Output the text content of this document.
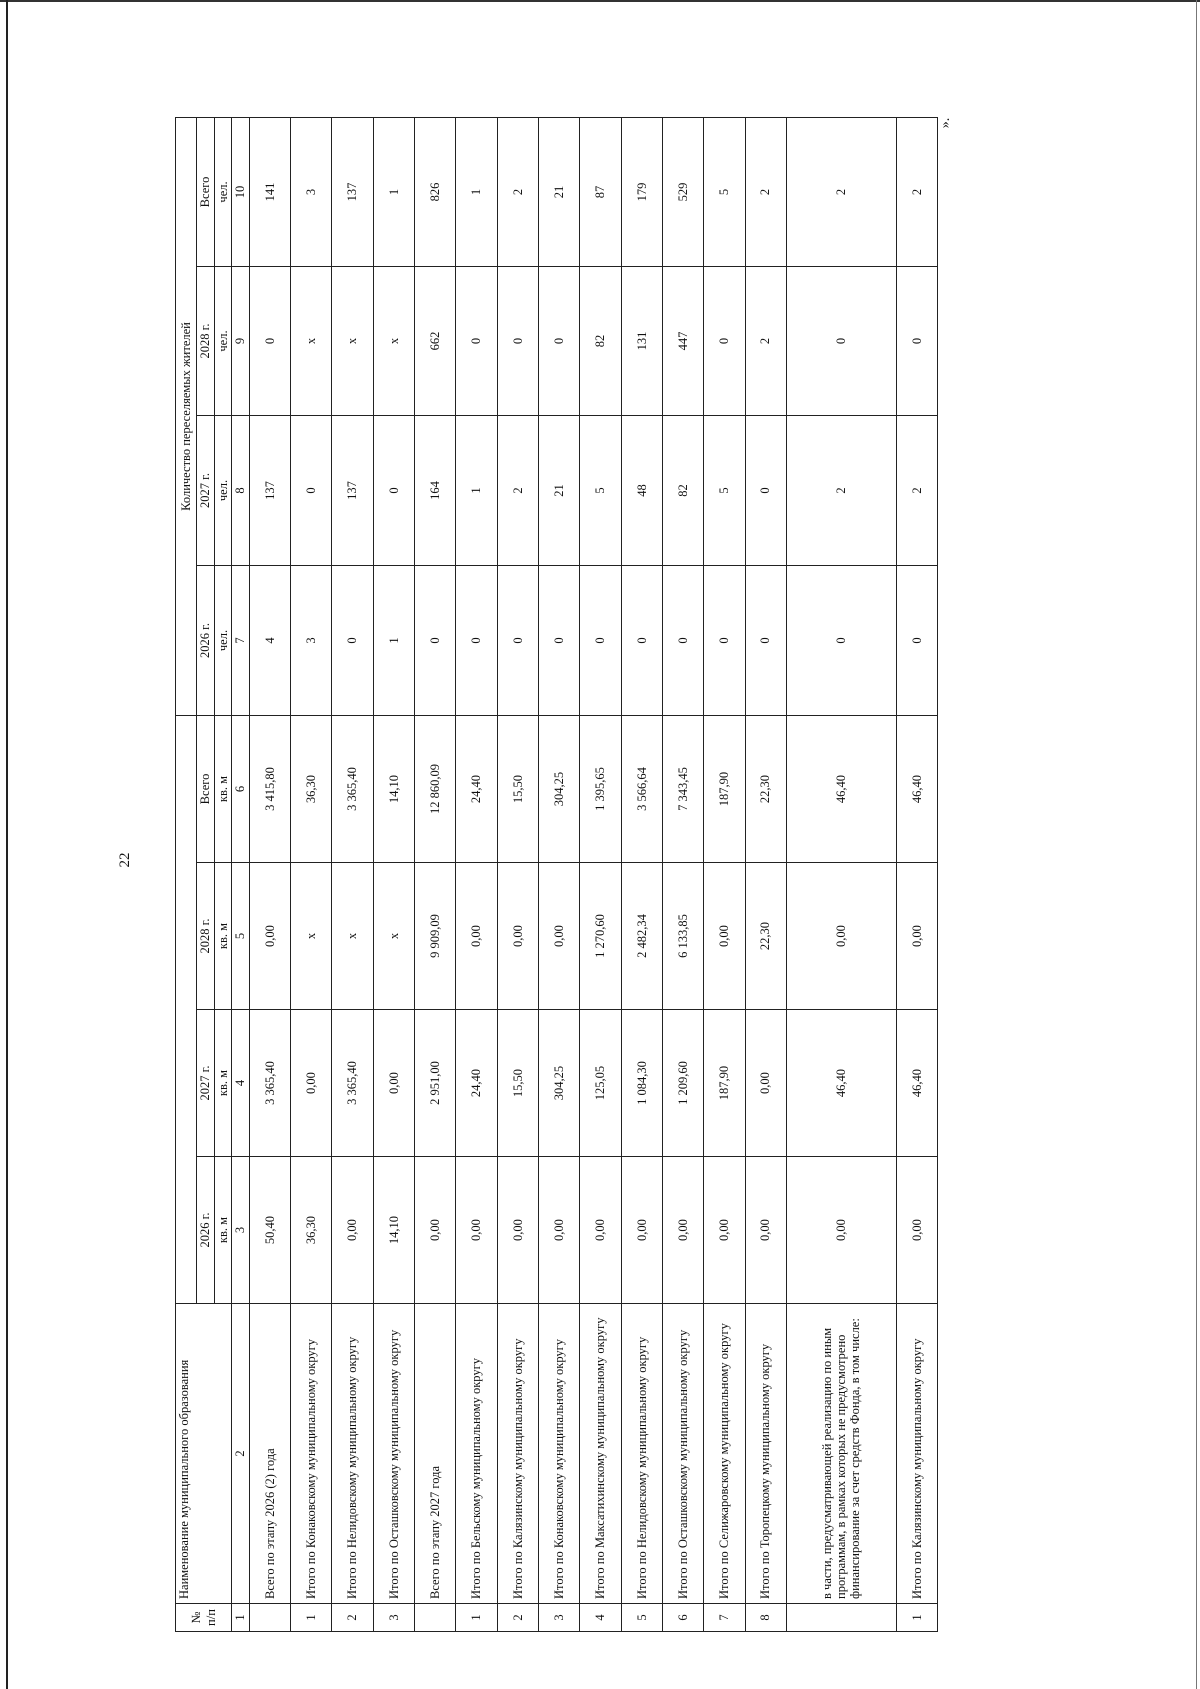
22
».
№ п/п	Наименование муниципального образования					Количество переселяемых жителей			
		2026 г.	2027 г.	2028 г.	Всего	2026 г.	2027 г.	2028 г.	Всего
		кв. м	кв. м	кв. м	кв. м	чел.	чел.	чел.	чел.
1	2	3	4	5	6	7	8	9	10
	Всего по этапу 2026 (2) года	50,40	3 365,40	0,00	3 415,80	4	137	0	141
1	Итого по Конаковскому муниципальному округу	36,30	0,00	x	36,30	3	0	x	3
2	Итого по Нелидовскому муниципальному округу	0,00	3 365,40	x	3 365,40	0	137	x	137
3	Итого по Осташковскому муниципальному округу	14,10	0,00	x	14,10	1	0	x	1
	Всего по этапу 2027 года	0,00	2 951,00	9 909,09	12 860,09	0	164	662	826
1	Итого по Бельскому муниципальному округу	0,00	24,40	0,00	24,40	0	1	0	1
2	Итого по Калязинскому муниципальному округу	0,00	15,50	0,00	15,50	0	2	0	2
3	Итого по Конаковскому муниципальному округу	0,00	304,25	0,00	304,25	0	21	0	21
4	Итого по Максатихинскому муниципальному округу	0,00	125,05	1 270,60	1 395,65	0	5	82	87
5	Итого по Нелидовскому муниципальному округу	0,00	1 084,30	2 482,34	3 566,64	0	48	131	179
6	Итого по Осташковскому муниципальному округу	0,00	1 209,60	6 133,85	7 343,45	0	82	447	529
7	Итого по Селижаровскому муниципальному округу	0,00	187,90	0,00	187,90	0	5	0	5
8	Итого по Торопецкому муниципальному округу	0,00	0,00	22,30	22,30	0	0	2	2
	в части, предусматривающей реализацию по иным программам, в рамках которых не предусмотрено финансирование за счет средств Фонда, в том числе:	0,00	46,40	0,00	46,40	0	2	0	2
1	Итого по Калязинскому муниципальному округу	0,00	46,40	0,00	46,40	0	2	0	2
